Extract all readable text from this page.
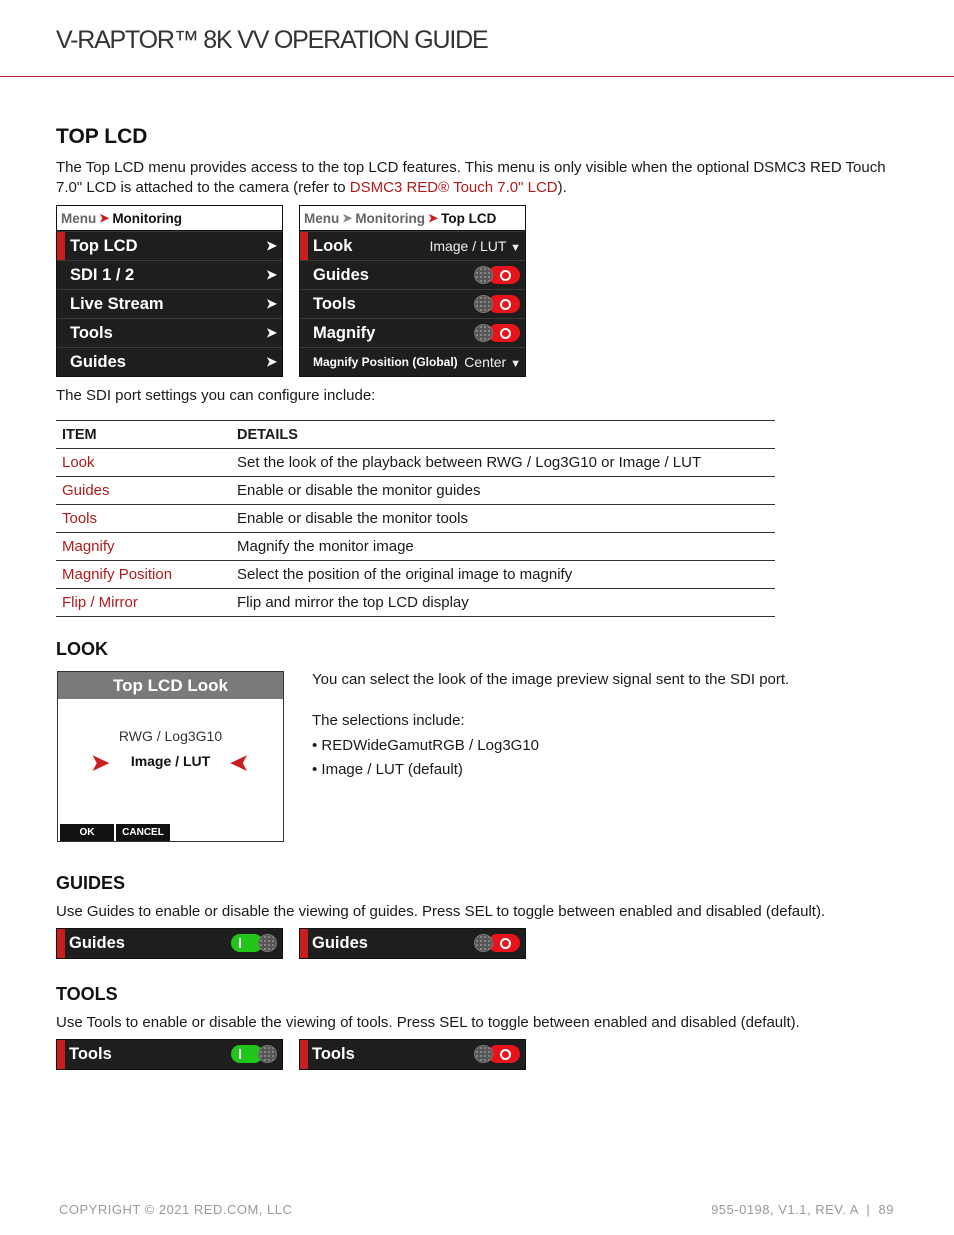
V-RAPTOR™ 8K VV OPERATION GUIDE
TOP LCD
The Top LCD menu provides access to the top LCD features. This menu is only visible when the optional DSMC3 RED Touch 7.0" LCD is attached to the camera (refer to DSMC3 RED® Touch 7.0" LCD).
Menu ➤ Monitoring
Top LCD	➤
SDI 1 / 2	➤
Live Stream	➤
Tools	➤
Guides	➤
Menu ➤ Monitoring ➤ Top LCD
Look	Image / LUT ▼
Guides
Tools
Magnify
Magnify Position (Global) Center ▼
The SDI port settings you can configure include:
ITEM	DETAILS
Look	Set the look of the playback between RWG / Log3G10 or Image / LUT
Guides	Enable or disable the monitor guides
Tools	Enable or disable the monitor tools
Magnify	Magnify the monitor image
Magnify Position	Select the position of the original image to magnify
Flip / Mirror	Flip and mirror the top LCD display
LOOK
Top LCD Look
RWG / Log3G10
➤	Image / LUT ➤
OK	CANCEL
You can select the look of the image preview signal sent to the SDI port.
The selections include:
• REDWideGamutRGB / Log3G10
• Image / LUT (default)
GUIDES
Use Guides to enable or disable the viewing of guides. Press SEL to toggle between enabled and disabled (default).
Guides	Guides
TOOLS
Use Tools to enable or disable the viewing of tools. Press SEL to toggle between enabled and disabled (default).
Tools	Tools
COPYRIGHT © 2021 RED.COM, LLC	955-0198, V1.1, REV. A  |  89
